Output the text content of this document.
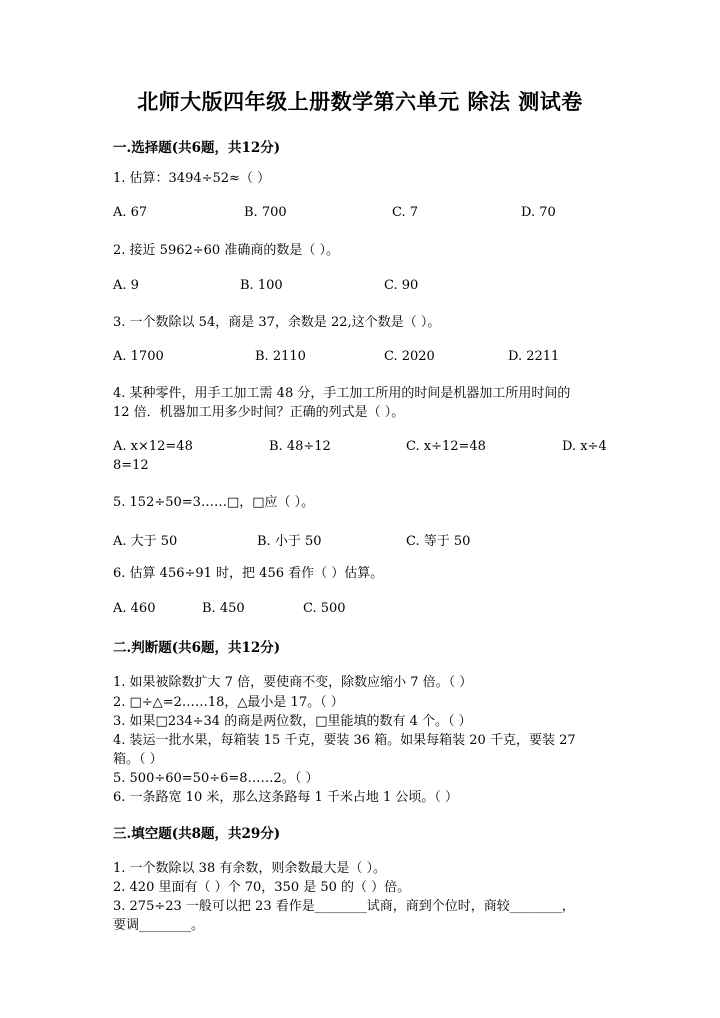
北师大版四年级上册数学第六单元 除法 测试卷
一.选择题(共6题，共12分)
1. 估算：3494÷52≈（ ）
A. 67	B. 700	C. 7	D. 70
2. 接近 5962÷60 准确商的数是（ ）。
A. 9	B. 100	C. 90
3. 一个数除以 54，商是 37，余数是 22,这个数是（ ）。
A. 1700	B. 2110	C. 2020	D. 2211
4. 某种零件，用手工加工需 48 分，手工加工所用的时间是机器加工所用时间的
12 倍．机器加工用多少时间？正确的列式是（ ）。
A. x×12=48	B. 48÷12	C. x÷12=48	D. x÷4
8=12
5. 152÷50=3……□，□应（ ）。
A. 大于 50	B. 小于 50	C. 等于 50
6. 估算 456÷91 时，把 456 看作（ ）估算。
A. 460	B. 450	C. 500
二.判断题(共6题，共12分)
1. 如果被除数扩大 7 倍，要使商不变，除数应缩小 7 倍。（ ）
2. □÷△=2……18，△最小是 17。（ ）
3. 如果□234÷34 的商是两位数，□里能填的数有 4 个。（ ）
4. 装运一批水果，每箱装 15 千克，要装 36 箱。如果每箱装 20 千克，要装 27
箱。（ ）
5. 500÷60=50÷6=8……2。（ ）
6. 一条路宽 10 米，那么这条路每 1 千米占地 1 公顷。（ ）
三.填空题(共8题，共29分)
1. 一个数除以 38 有余数，则余数最大是（ ）。
2. 420 里面有（ ）个 70，350 是 50 的（ ）倍。
3. 275÷23 一般可以把 23 看作是________试商，商到个位时，商较________，
要调________。
